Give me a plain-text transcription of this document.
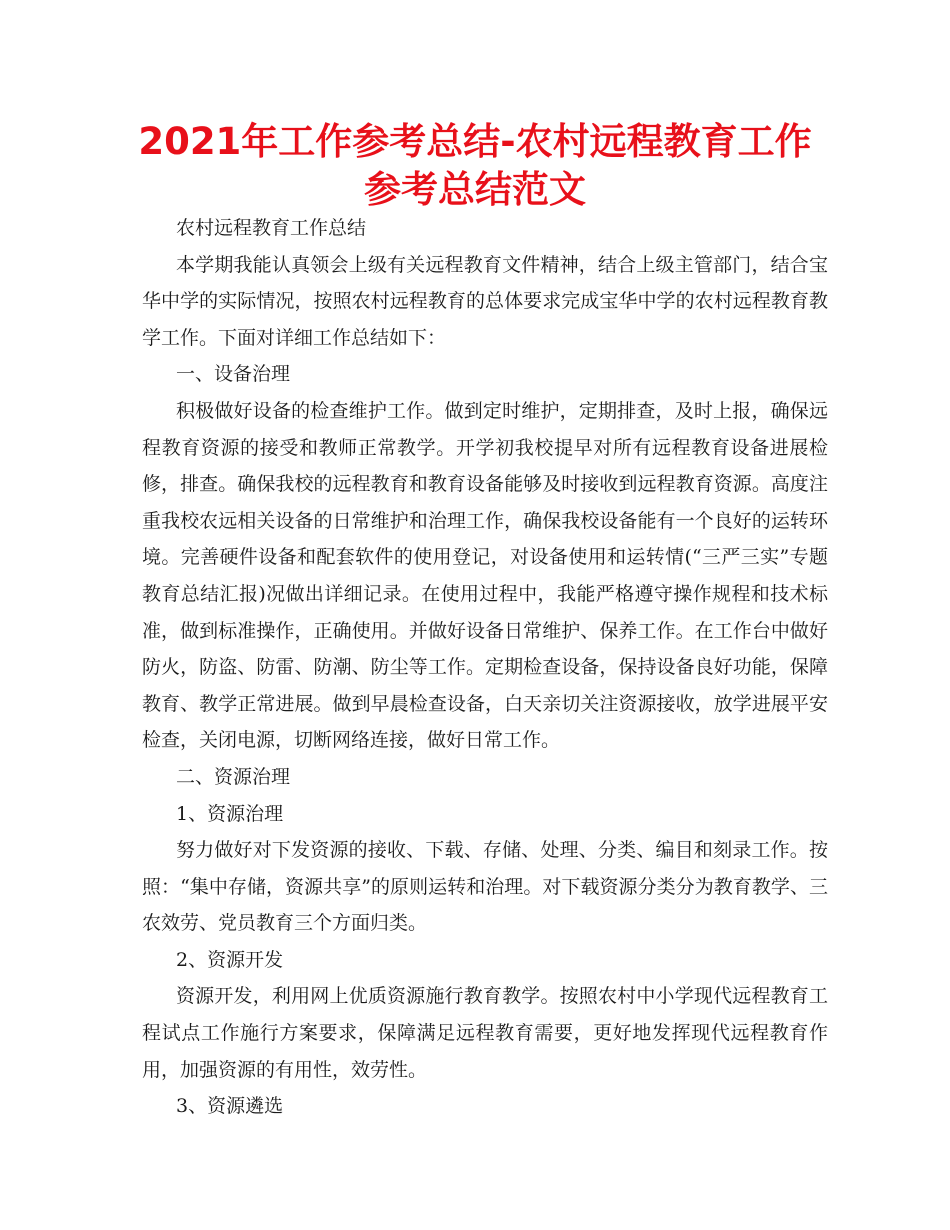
2021年工作参考总结-农村远程教育工作参考总结范文

农村远程教育工作总结

本学期我能认真领会上级有关远程教育文件精神，结合上级主管部门，结合宝华中学的实际情况，按照农村远程教育的总体要求完成宝华中学的农村远程教育教学工作。下面对详细工作总结如下：

一、设备治理

积极做好设备的检查维护工作。做到定时维护，定期排查，及时上报，确保远程教育资源的接受和教师正常教学。开学初我校提早对所有远程教育设备进展检修，排查。确保我校的远程教育和教育设备能够及时接收到远程教育资源。高度注重我校农远相关设备的日常维护和治理工作，确保我校设备能有一个良好的运转环境。完善硬件设备和配套软件的使用登记，对设备使用和运转情(“三严三实”专题教育总结汇报)况做出详细记录。在使用过程中，我能严格遵守操作规程和技术标准，做到标准操作，正确使用。并做好设备日常维护、保养工作。在工作台中做好防火，防盗、防雷、防潮、防尘等工作。定期检查设备，保持设备良好功能，保障教育、教学正常进展。做到早晨检查设备，白天亲切关注资源接收，放学进展平安检查，关闭电源，切断网络连接，做好日常工作。

二、资源治理

1、资源治理

努力做好对下发资源的接收、下载、存储、处理、分类、编目和刻录工作。按照：“集中存储，资源共享”的原则运转和治理。对下载资源分类分为教育教学、三农效劳、党员教育三个方面归类。

2、资源开发

资源开发，利用网上优质资源施行教育教学。按照农村中小学现代远程教育工程试点工作施行方案要求，保障满足远程教育需要，更好地发挥现代远程教育作用，加强资源的有用性，效劳性。

3、资源遴选
